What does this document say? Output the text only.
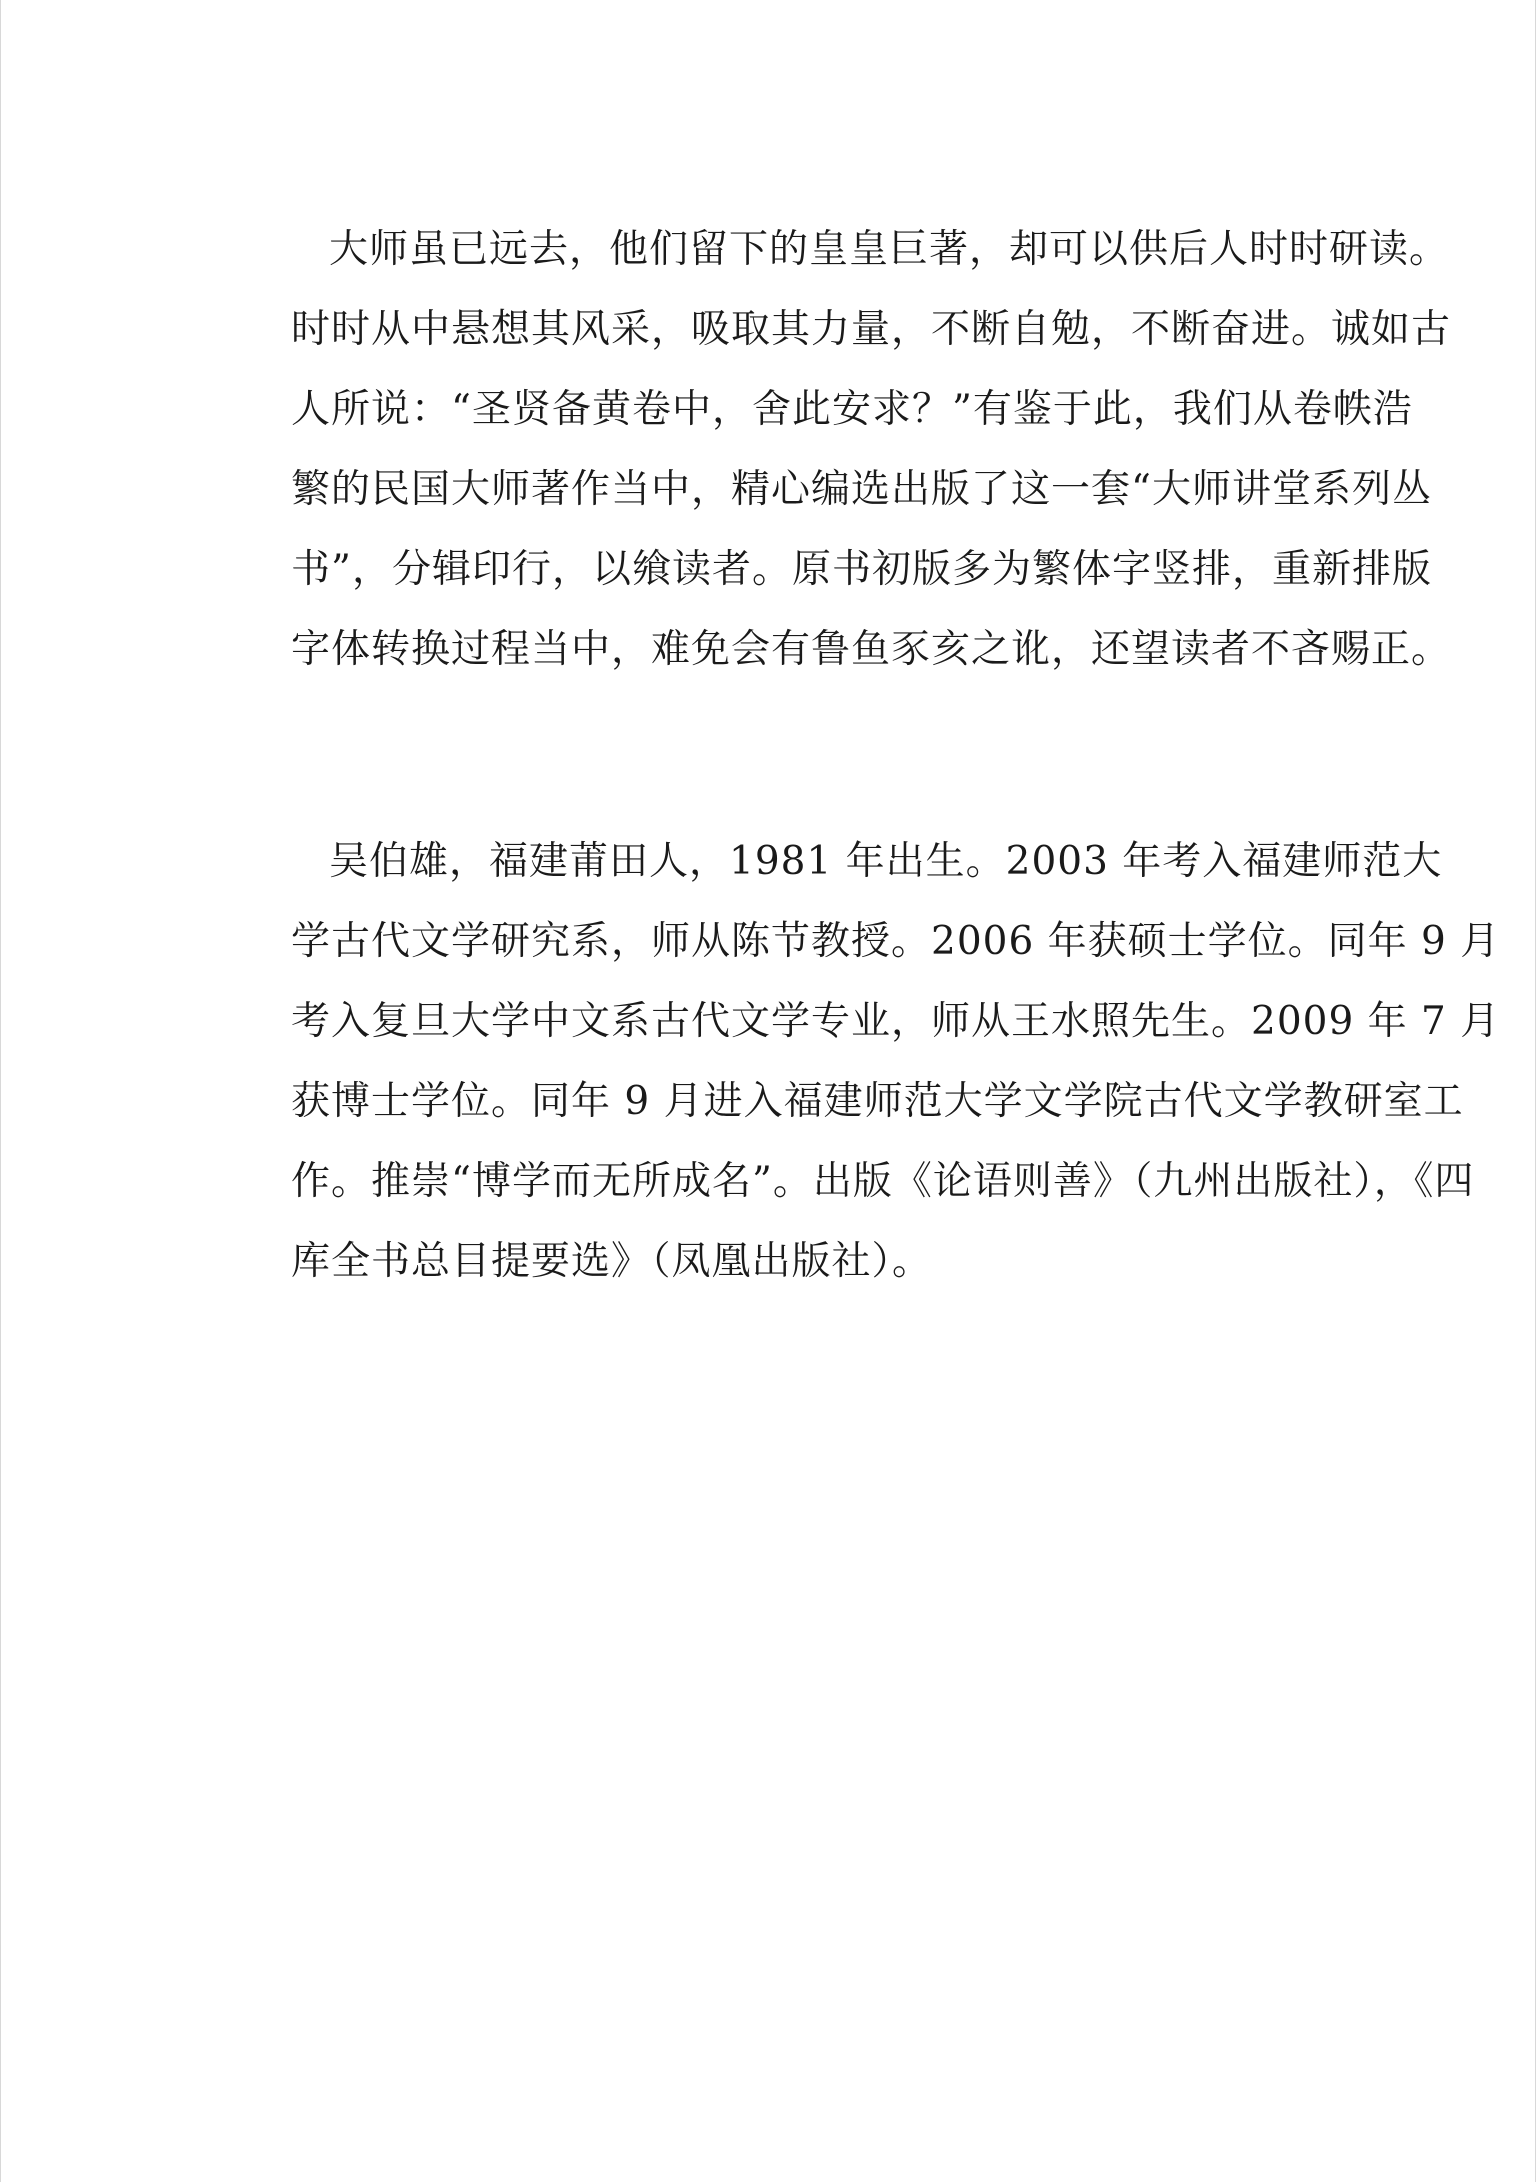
大师虽已远去，他们留下的皇皇巨著，却可以供后人时时研读。
时时从中悬想其风采，吸取其力量，不断自勉，不断奋进。诚如古
人所说：“圣贤备黄卷中，舍此安求？”有鉴于此，我们从卷帙浩
繁的民国大师著作当中，精心编选出版了这一套“大师讲堂系列丛
书”，分辑印行，以飨读者。原书初版多为繁体字竖排，重新排版
字体转换过程当中，难免会有鲁鱼豕亥之讹，还望读者不吝赐正。
吴伯雄，福建莆田人，1981 年出生。2003 年考入福建师范大
学古代文学研究系，师从陈节教授。2006 年获硕士学位。同年 9 月
考入复旦大学中文系古代文学专业，师从王水照先生。2009 年 7 月
获博士学位。同年 9 月进入福建师范大学文学院古代文学教研室工
作。推崇“博学而无所成名”。出版《论语则善》（九州出版社），《四
库全书总目提要选》（凤凰出版社）。
